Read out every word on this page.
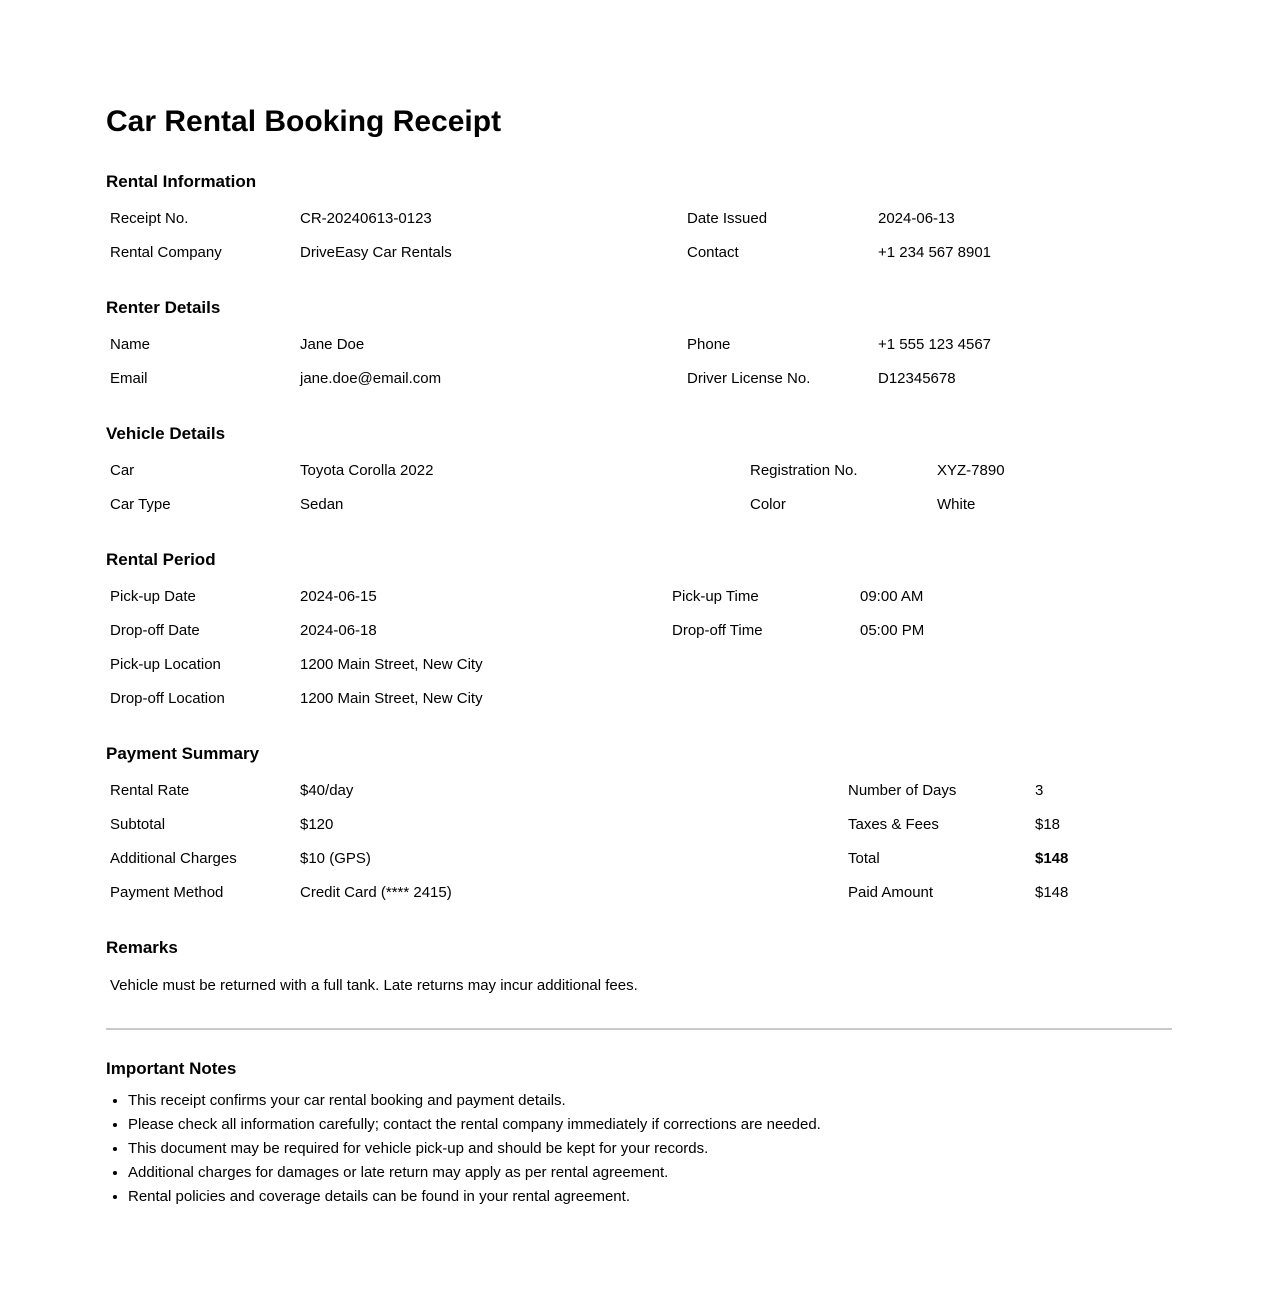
Car Rental Booking Receipt
Rental Information
Receipt No.	CR-20240613-0123	Date Issued	2024-06-13
Rental Company	DriveEasy Car Rentals	Contact	+1 234 567 8901
Renter Details
Name	Jane Doe	Phone	+1 555 123 4567
Email	jane.doe@email.com	Driver License No.	D12345678
Vehicle Details
Car	Toyota Corolla 2022	Registration No.	XYZ-7890
Car Type	Sedan	Color	White
Rental Period
Pick-up Date	2024-06-15	Pick-up Time	09:00 AM
Drop-off Date	2024-06-18	Drop-off Time	05:00 PM
Pick-up Location	1200 Main Street, New City		
Drop-off Location	1200 Main Street, New City		
Payment Summary
Rental Rate	$40/day	Number of Days	3
Subtotal	$120	Taxes & Fees	$18
Additional Charges	$10 (GPS)	Total	$148
Payment Method	Credit Card (**** 2415)	Paid Amount	$148
Remarks

Vehicle must be returned with a full tank. Late returns may incur additional fees.

Important Notes
• This receipt confirms your car rental booking and payment details.
• Please check all information carefully; contact the rental company immediately if corrections are needed.
• This document may be required for vehicle pick-up and should be kept for your records.
• Additional charges for damages or late return may apply as per rental agreement.
• Rental policies and coverage details can be found in your rental agreement.
